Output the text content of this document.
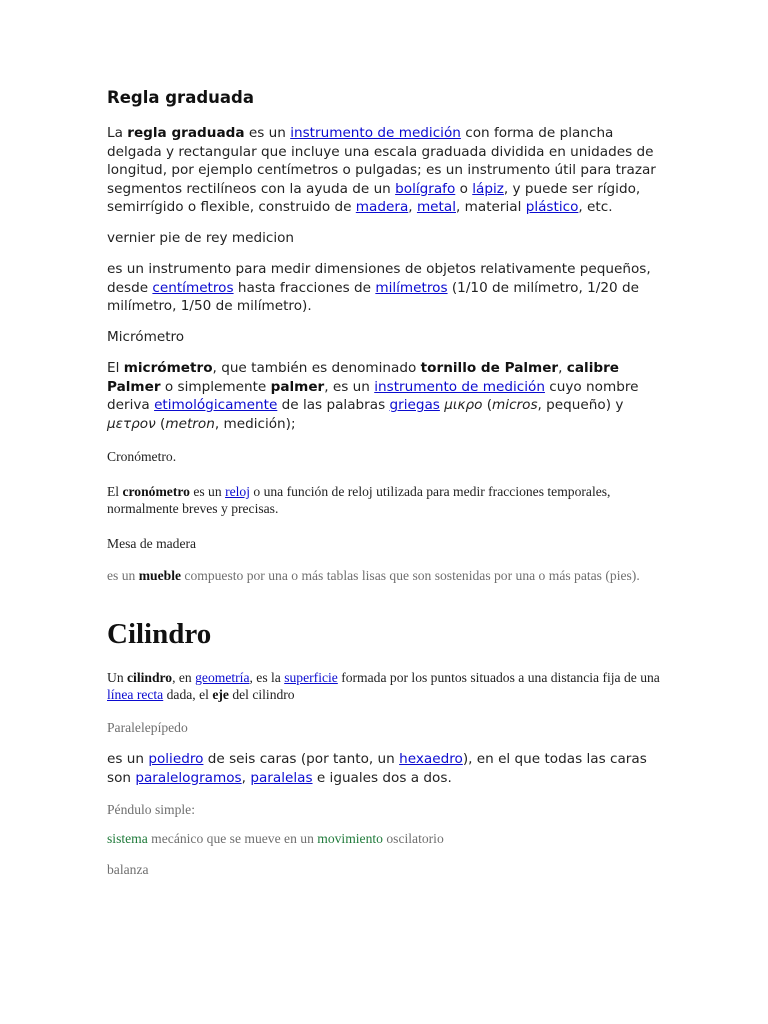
Regla graduada

La regla graduada es un instrumento de medición con forma de plancha delgada y rectangular que incluye una escala graduada dividida en unidades de longitud, por ejemplo centímetros o pulgadas; es un instrumento útil para trazar segmentos rectilíneos con la ayuda de un bolígrafo o lápiz, y puede ser rígido, semirrígido o flexible, construido de madera, metal, material plástico, etc.

vernier pie de rey medicion

es un instrumento para medir dimensiones de objetos relativamente pequeños, desde centímetros hasta fracciones de milímetros (1/10 de milímetro, 1/20 de milímetro, 1/50 de milímetro).

Micrómetro

El micrómetro, que también es denominado tornillo de Palmer, calibre Palmer o simplemente palmer, es un instrumento de medición cuyo nombre deriva etimológicamente de las palabras griegas μικρο (micros, pequeño) y μετρον (metron, medición);

Cronómetro.

El cronómetro es un reloj o una función de reloj utilizada para medir fracciones temporales, normalmente breves y precisas.

Mesa de madera

es un mueble compuesto por una o más tablas lisas que son sostenidas por una o más patas (pies).

Cilindro

Un cilindro, en geometría, es la superficie formada por los puntos situados a una distancia fija de una línea recta dada, el eje del cilindro

Paralelepípedo

es un poliedro de seis caras (por tanto, un hexaedro), en el que todas las caras son paralelogramos, paralelas e iguales dos a dos.

Péndulo simple:

sistema mecánico que se mueve en un movimiento oscilatorio

balanza
